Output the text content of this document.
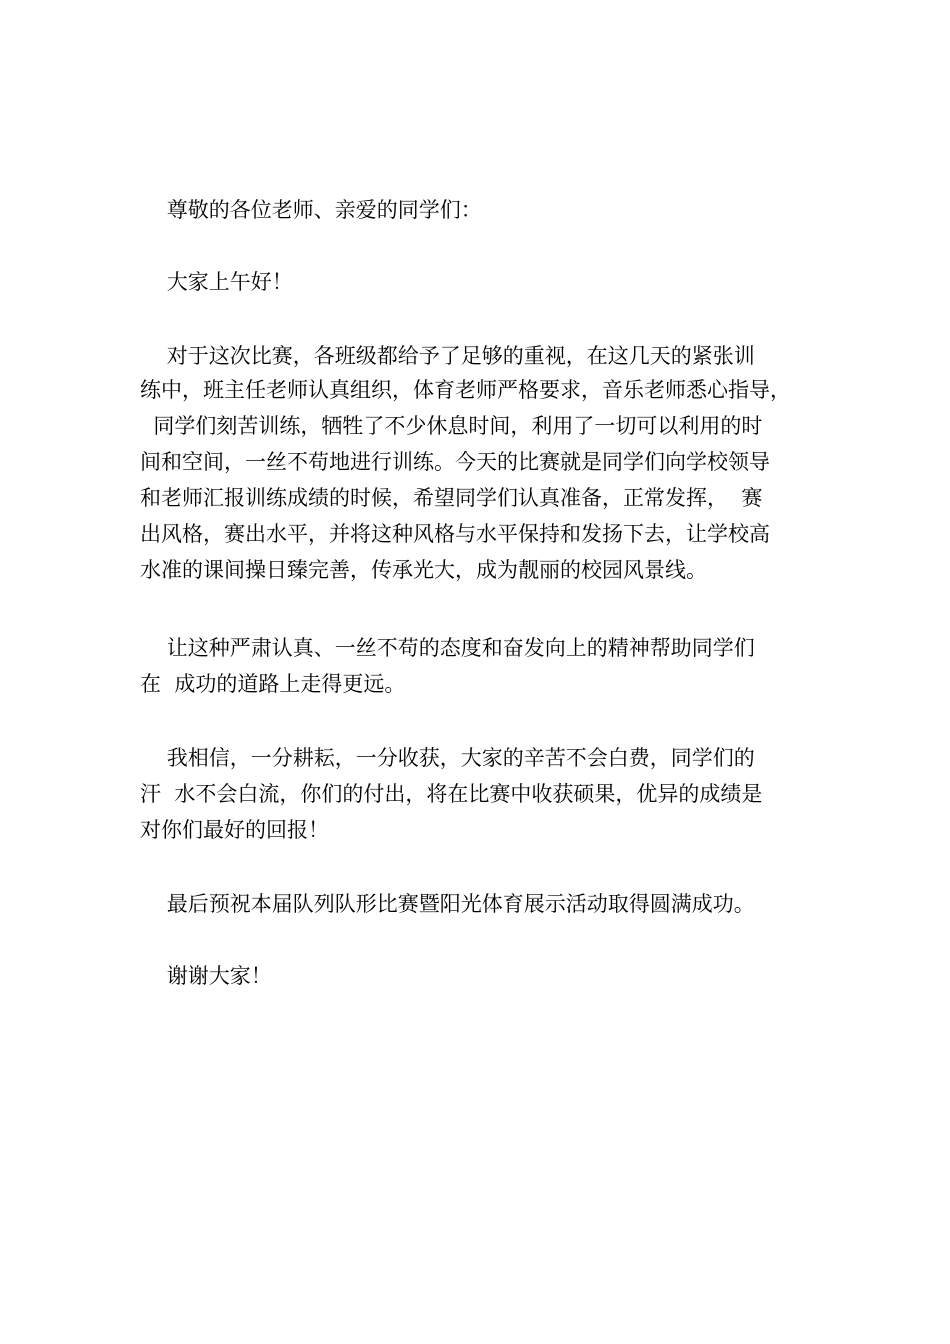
尊敬的各位老师、亲爱的同学们：

大家上午好！

对于这次比赛，各班级都给予了足够的重视，在这几天的紧张训

练中，班主任老师认真组织，体育老师严格要求，音乐老师悉心指导，

同学们刻苦训练，牺牲了不少休息时间，利用了一切可以利用的时

间和空间，一丝不苟地进行训练。今天的比赛就是同学们向学校领导

和老师汇报训练成绩的时候，希望同学们认真准备，正常发挥，  赛

出风格，赛出水平，并将这种风格与水平保持和发扬下去，让学校高

水准的课间操日臻完善，传承光大，成为靓丽的校园风景线。

让这种严肃认真、一丝不苟的态度和奋发向上的精神帮助同学们

在  成功的道路上走得更远。

我相信，一分耕耘，一分收获，大家的辛苦不会白费，同学们的

汗  水不会白流，你们的付出，将在比赛中收获硕果，优异的成绩是

对你们最好的回报！

最后预祝本届队列队形比赛暨阳光体育展示活动取得圆满成功。

谢谢大家！
